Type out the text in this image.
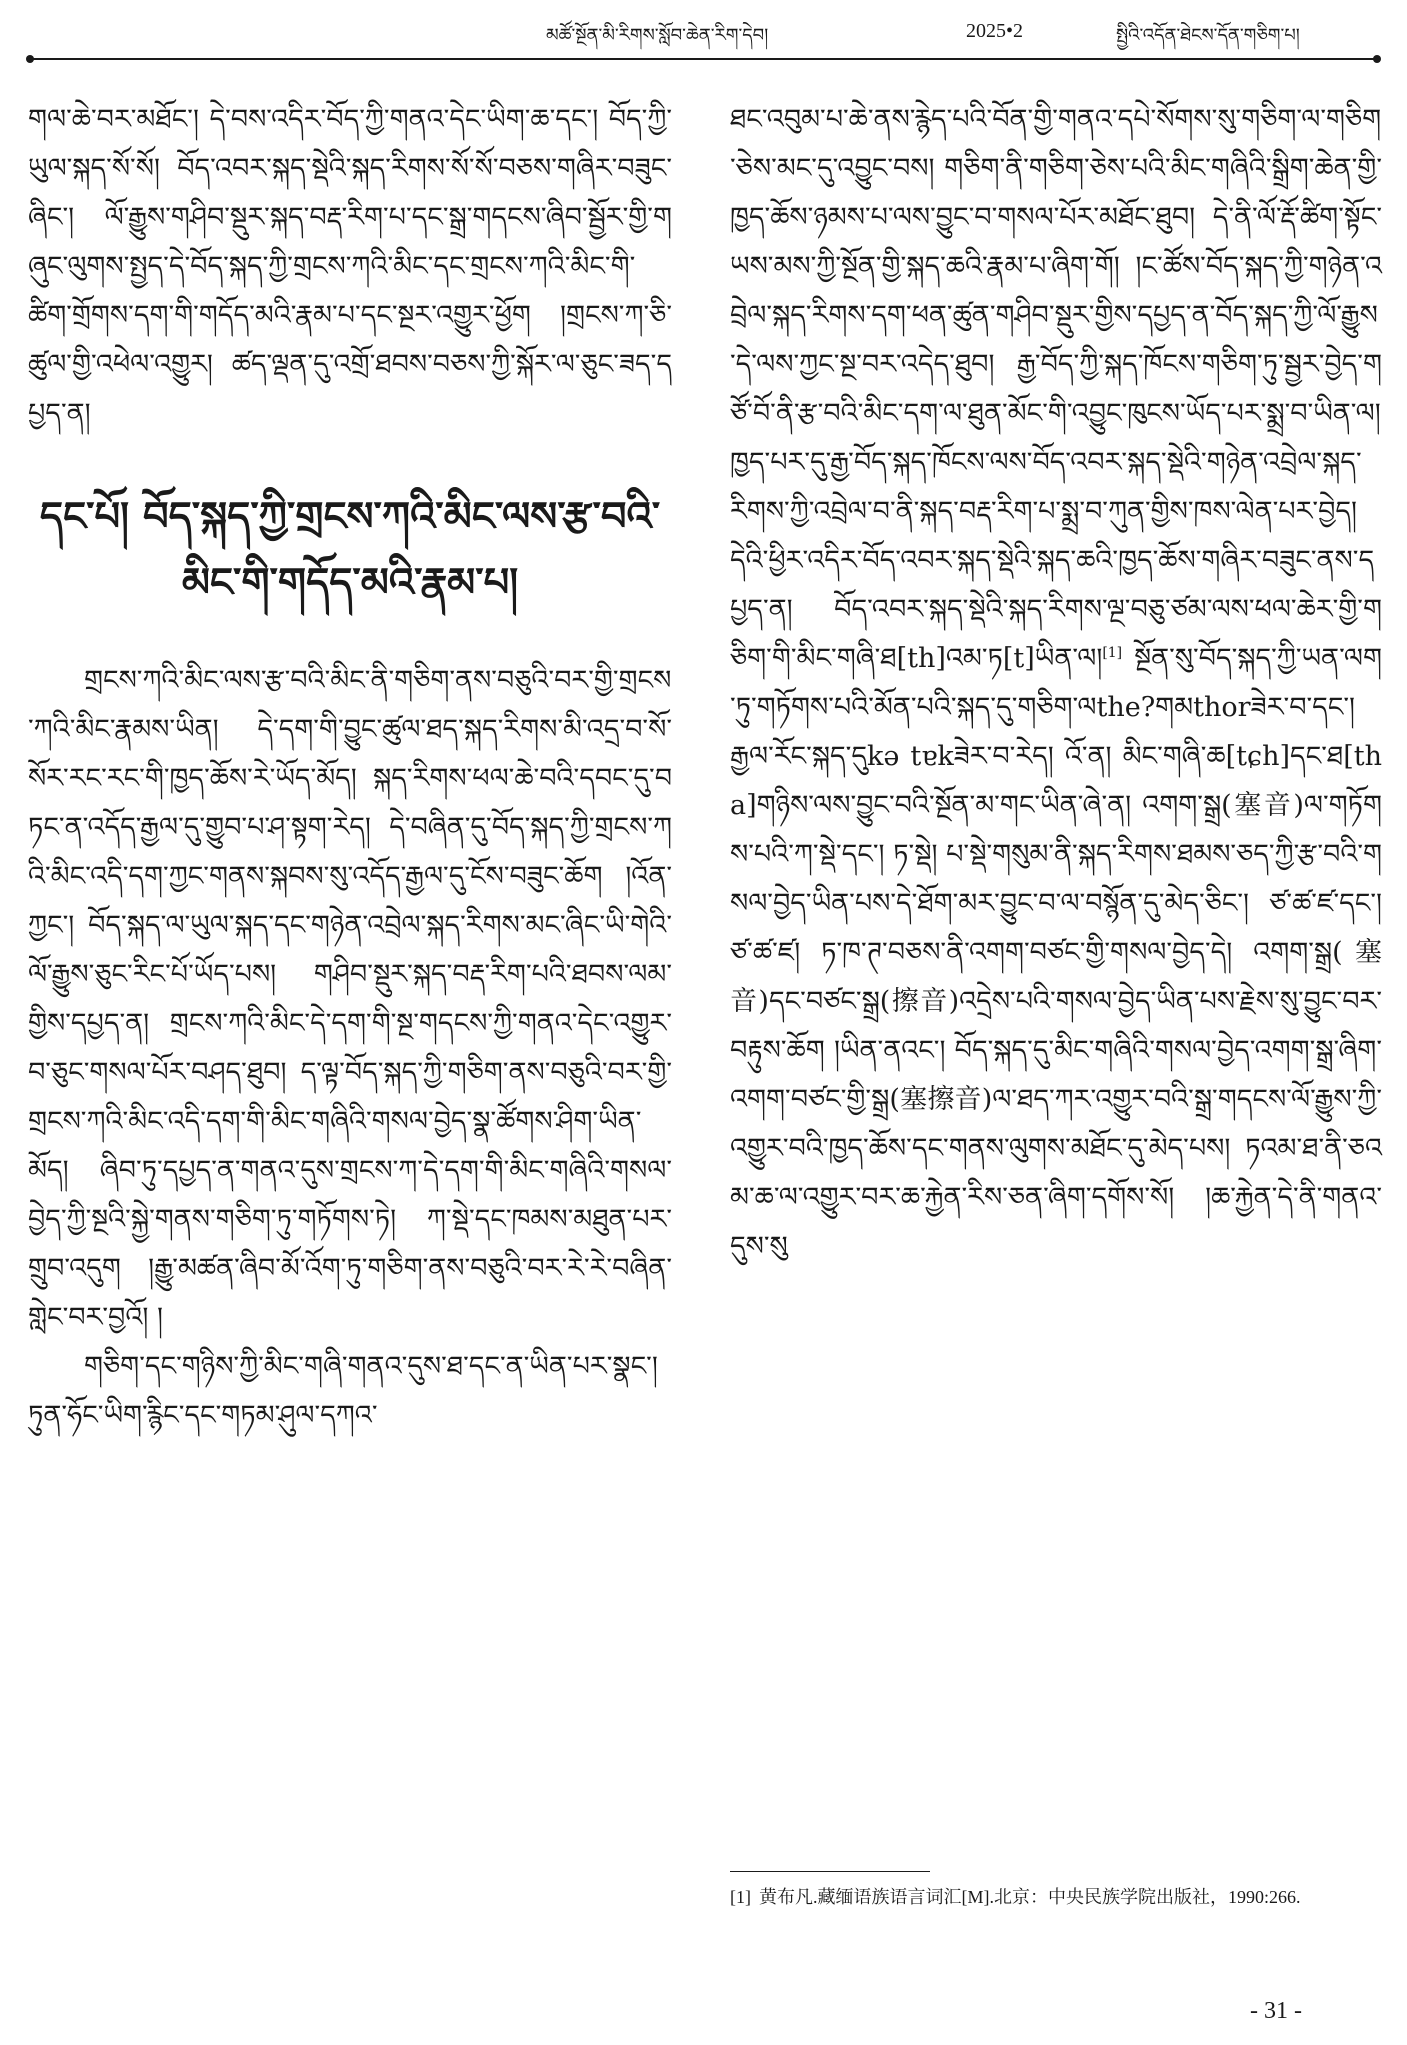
མཚོ་སྔོན་མི་རིགས་སློབ་ཆེན་རིག་དེབ།	2025•2	སྤྱིའི་འདོན་ཐེངས་དོན་གཅིག་པ།

གལ་ཆེ་བར་མཐོང་། དེ་བས་འདིར་བོད་ཀྱི་གནའ་དེང་ཡིག་ཆ་དང་། བོད་ཀྱི་ཡུལ་སྐད་སོ་སོ། བོད་འབར་སྐད་སྡེའི་སྐད་རིགས་སོ་སོ་བཅས་གཞིར་བཟུང་ཞིང་། ལོ་རྒྱུས་གཤིབ་སྡུར་སྐད་བརྡ་རིག་པ་དང་སྒྲ་གདངས་ཞིབ་སྦྱོར་གྱི་གཞུང་ལུགས་སྤྱད་དེ་བོད་སྐད་ཀྱི་གྲངས་ཀའི་མིང་དང་གྲངས་ཀའི་མིང་གི་ཚིག་གྲོགས་དག་གི་གདོད་མའི་རྣམ་པ་དང་སྔར་འགྱུར་ཕྱོག །གྲངས་ཀ་ཅི་ཚུལ་གྱི་འཕེལ་འགྱུར། ཚད་ལྡན་དུ་འགྲོ་ཐབས་བཅས་ཀྱི་སྐོར་ལ་ཅུང་ཟད་དཔྱད་ན།

དང་པོ། བོད་སྐད་ཀྱི་གྲངས་ཀའི་མིང་ལས་རྩ་བའི་མིང་གི་གདོད་མའི་རྣམ་པ།

གྲངས་ཀའི་མིང་ལས་རྩ་བའི་མིང་ནི་གཅིག་ནས་བཅུའི་བར་གྱི་གྲངས་ཀའི་མིང་རྣམས་ཡིན། དེ་དག་གི་བྱུང་ཚུལ་ཐད་སྐད་རིགས་མི་འདྲ་བ་སོ་སོར་རང་རང་གི་ཁྱད་ཆོས་རེ་ཡོད་མོད། སྐད་རིགས་ཕལ་ཆེ་བའི་དབང་དུ་བཏང་ན་འདོད་རྒྱལ་དུ་གྱུབ་པ་ཤ་སྟག་རེད། དེ་བཞིན་དུ་བོད་སྐད་ཀྱི་གྲངས་ཀའི་མིང་འདི་དག་ཀྱང་གནས་སྐབས་སུ་འདོད་རྒྱལ་དུ་ངོས་བཟུང་ཆོག །འོན་ཀྱང་། བོད་སྐད་ལ་ཡུལ་སྐད་དང་གཉེན་འབྲེལ་སྐད་རིགས་མང་ཞིང་ཡི་གེའི་ལོ་རྒྱུས་ཅུང་རིང་པོ་ཡོད་པས། གཤིབ་སྡུར་སྐད་བརྡ་རིག་པའི་ཐབས་ལམ་གྱིས་དཔྱད་ན། གྲངས་ཀའི་མིང་དེ་དག་གི་སྔ་གདངས་ཀྱི་གནའ་དེང་འགྱུར་བ་ཅུང་གསལ་པོར་བཤད་ཐུབ། ད་ལྟ་བོད་སྐད་ཀྱི་གཅིག་ནས་བཅུའི་བར་གྱི་གྲངས་ཀའི་མིང་འདི་དག་གི་མིང་གཞིའི་གསལ་བྱེད་སྣ་ཚོགས་ཤིག་ཡིན་མོད། ཞིབ་ཏུ་དཔྱད་ན་གནའ་དུས་གྲངས་ཀ་དེ་དག་གི་མིང་གཞིའི་གསལ་བྱེད་ཀྱི་སྔའི་སྐྱེ་གནས་གཅིག་ཏུ་གཏོགས་ཏེ། ཀ་སྡེ་དང་ཁམས་མཐུན་པར་གྲུབ་འདུག །རྒྱུ་མཚན་ཞིབ་མོ་འོག་ཏུ་གཅིག་ནས་བཅུའི་བར་རེ་རེ་བཞིན་གླེང་བར་བྱའོ། །

གཅིག་དང་གཉིས་ཀྱི་མིང་གཞི་གནའ་དུས་ཐ་དང་ན་ཡིན་པར་སྣང་། ཏུན་ཧོང་ཡིག་རྙིང་དང་གཏམ་ཤུལ་དཀའ་

ཐང་འབུམ་པ་ཆེ་ནས་རྙེད་པའི་བོན་གྱི་གནའ་དཔེ་སོགས་སུ་གཅིག་ལ་གཅིག་ཅེས་མང་དུ་འབྱུང་བས། གཅིག་ནི་གཅིག་ཅེས་པའི་མིང་གཞིའི་སྒྲིག་ཆེན་གྱི་ཁྱད་ཆོས་ཉམས་པ་ལས་བྱུང་བ་གསལ་པོར་མཐོང་ཐུབ། དེ་ནི་ལོ་རྡོ་ཚིག་སྟོང་ཡས་མས་ཀྱི་སྔོན་གྱི་སྐད་ཆའི་རྣམ་པ་ཞིག་གོ། །ང་ཚོས་བོད་སྐད་ཀྱི་གཉེན་འབྲེལ་སྐད་རིགས་དག་ཕན་ཚུན་གཤིབ་སྡུར་གྱིས་དཔྱད་ན་བོད་སྐད་ཀྱི་ལོ་རྒྱུས་དེ་ལས་ཀྱང་སྔ་བར་འདེད་ཐུབ། རྒྱ་བོད་ཀྱི་སྐད་ཁོངས་གཅིག་ཏུ་སྦྱར་བྱེད་གཙོ་བོ་ནི་རྩ་བའི་མིང་དག་ལ་ཐུན་མོང་གི་འབྱུང་ཁུངས་ཡོད་པར་སྨྲ་བ་ཡིན་ལ། ཁྱད་པར་དུ་རྒྱ་བོད་སྐད་ཁོངས་ལས་བོད་འབར་སྐད་སྡེའི་གཉེན་འབྲེལ་སྐད་རིགས་ཀྱི་འབྲེལ་བ་ནི་སྐད་བརྡ་རིག་པ་སྨྲ་བ་ཀུན་གྱིས་ཁས་ལེན་པར་བྱེད། དེའི་ཕྱིར་འདིར་བོད་འབར་སྐད་སྡེའི་སྐད་ཆའི་ཁྱད་ཆོས་གཞིར་བཟུང་ནས་དཔྱད་ན། བོད་འབར་སྐད་སྡེའི་སྐད་རིགས་ལྔ་བཅུ་ཙམ་ལས་ཕལ་ཆེར་གྱི་གཅིག་གི་མིང་གཞི་ཐ[th]འམ་ཏ[t]ཡིན་ལ།[1] སྔོན་སུ་བོད་སྐད་ཀྱི་ཡན་ལག་ཏུ་གཏོགས་པའི་མོན་པའི་སྐད་དུ་གཅིག་ལthe?གམthorཟེར་བ་དང་། རྒྱལ་རོང་སྐད་དུkə tɐkཟེར་བ་རེད། འོ་ན། མིང་གཞི་ཆ[tɕh]དང་ཐ[tha]གཉིས་ལས་བྱུང་བའི་སྔོན་མ་གང་ཡིན་ཞེ་ན། འགག་སྒྲ(塞音)ལ་གཏོགས་པའི་ཀ་སྡེ་དང་། ཏ་སྡེ། པ་སྡེ་གསུམ་ནི་སྐད་རིགས་ཐམས་ཅད་ཀྱི་རྩ་བའི་གསལ་བྱེད་ཡིན་པས་དེ་ཐོག་མར་བྱུང་བ་ལ་བསྙོན་དུ་མེད་ཅིང་། ཙ་ཚ་ཛ་དང་། ཙ་ཚ་ཛ། ཏ་ཁ་ཊ་བཅས་ནི་འགག་བཙང་གྱི་གསལ་བྱེད་དེ། འགག་སྒྲ(塞音)དང་བཙང་སྒྲ(擦音)འདྲེས་པའི་གསལ་བྱེད་ཡིན་པས་རྗེས་སུ་བྱུང་བར་བརྟུས་ཆོག །ཡིན་ནའང་། བོད་སྐད་དུ་མིང་གཞིའི་གསལ་བྱེད་འགག་སྒྲ་ཞིག་འགག་བཙང་གྱི་སྒྲ(塞擦音)ལ་ཐད་ཀར་འགྱུར་བའི་སྒྲ་གདངས་ལོ་རྒྱུས་ཀྱི་འགྱུར་བའི་ཁྱད་ཆོས་དང་གནས་ལུགས་མཐོང་དུ་མེད་པས། ཏའམ་ཐ་ནི་ཅའམ་ཆ་ལ་འགྱུར་བར་ཆ་རྐྱེན་རིས་ཅན་ཞིག་དགོས་སོ། །ཆ་རྐྱེན་དེ་ནི་གནའ་དུས་སུ

[1] 黄布凡.藏缅语族语言词汇[M].北京：中央民族学院出版社，1990:266.
- 31 -
